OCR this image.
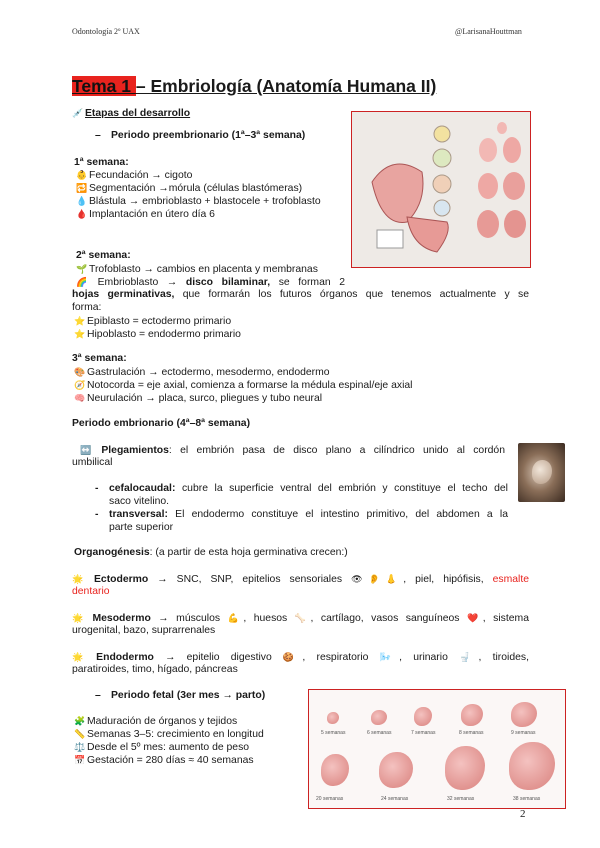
Odontología 2º UAX	@LarisanaHouttman
Tema 1 – Embriología (Anatomía Humana II)
💉 Etapas del desarrollo
– Periodo preembrionario (1ª–3ª semana)
1ª semana:
👶 Fecundación → cigoto
🔁 Segmentación →mórula (células blastómeras)
💧 Blástula → embrioblasto + blastocele + trofoblasto
🩸 Implantación en útero día 6
2ª semana:
🌱 Trofoblasto → cambios en placenta y membranas
🌈 Embrioblasto → disco bilaminar, se forman 2
hojas germinativas, que formarán los futuros órganos que tenemos actualmente y se
forma:
⭐ Epiblasto = ectodermo primario
⭐ Hipoblasto = endodermo primario
3ª semana:
🎨 Gastrulación → ectodermo, mesodermo, endodermo
🧭 Notocorda = eje axial, comienza a formarse la médula espinal/eje axial
🧠 Neurulación → placa, surco, pliegues y tubo neural
Periodo embrionario (4ª–8ª semana)
↔️ Plegamientos: el embrión pasa de disco plano a cilíndrico unido al cordón
umbilical
- cefalocaudal: cubre la superficie ventral del embrión y constituye el techo del
saco vitelino.
- transversal: El endodermo constituye el intestino primitivo, del abdomen a la
parte superior
Organogénesis: (a partir de esta hoja germinativa crecen:)
🌟 Ectodermo → SNC, SNP, epitelios sensoriales 👁👂👃, piel, hipófisis, esmalte
dentario
🌟 Mesodermo → músculos 💪, huesos 🦴, cartílago, vasos sanguíneos ❤️, sistema
urogenital, bazo, suprarrenales
🌟 Endodermo → epitelio digestivo 🍪, respiratorio 🌬️, urinario 🚽, tiroides,
paratiroides, timo, hígado, páncreas
– Periodo fetal (3er mes → parto)
🧩 Maduración de órganos y tejidos
📏 Semanas 3–5: crecimiento en longitud
⚖️ Desde el 5º mes: aumento de peso
📅 Gestación = 280 días ≈ 40 semanas
5 semanas	6 semanas	7 semanas	8 semanas	9 semanas
20 semanas	24 semanas	32 semanas	38 semanas
2
